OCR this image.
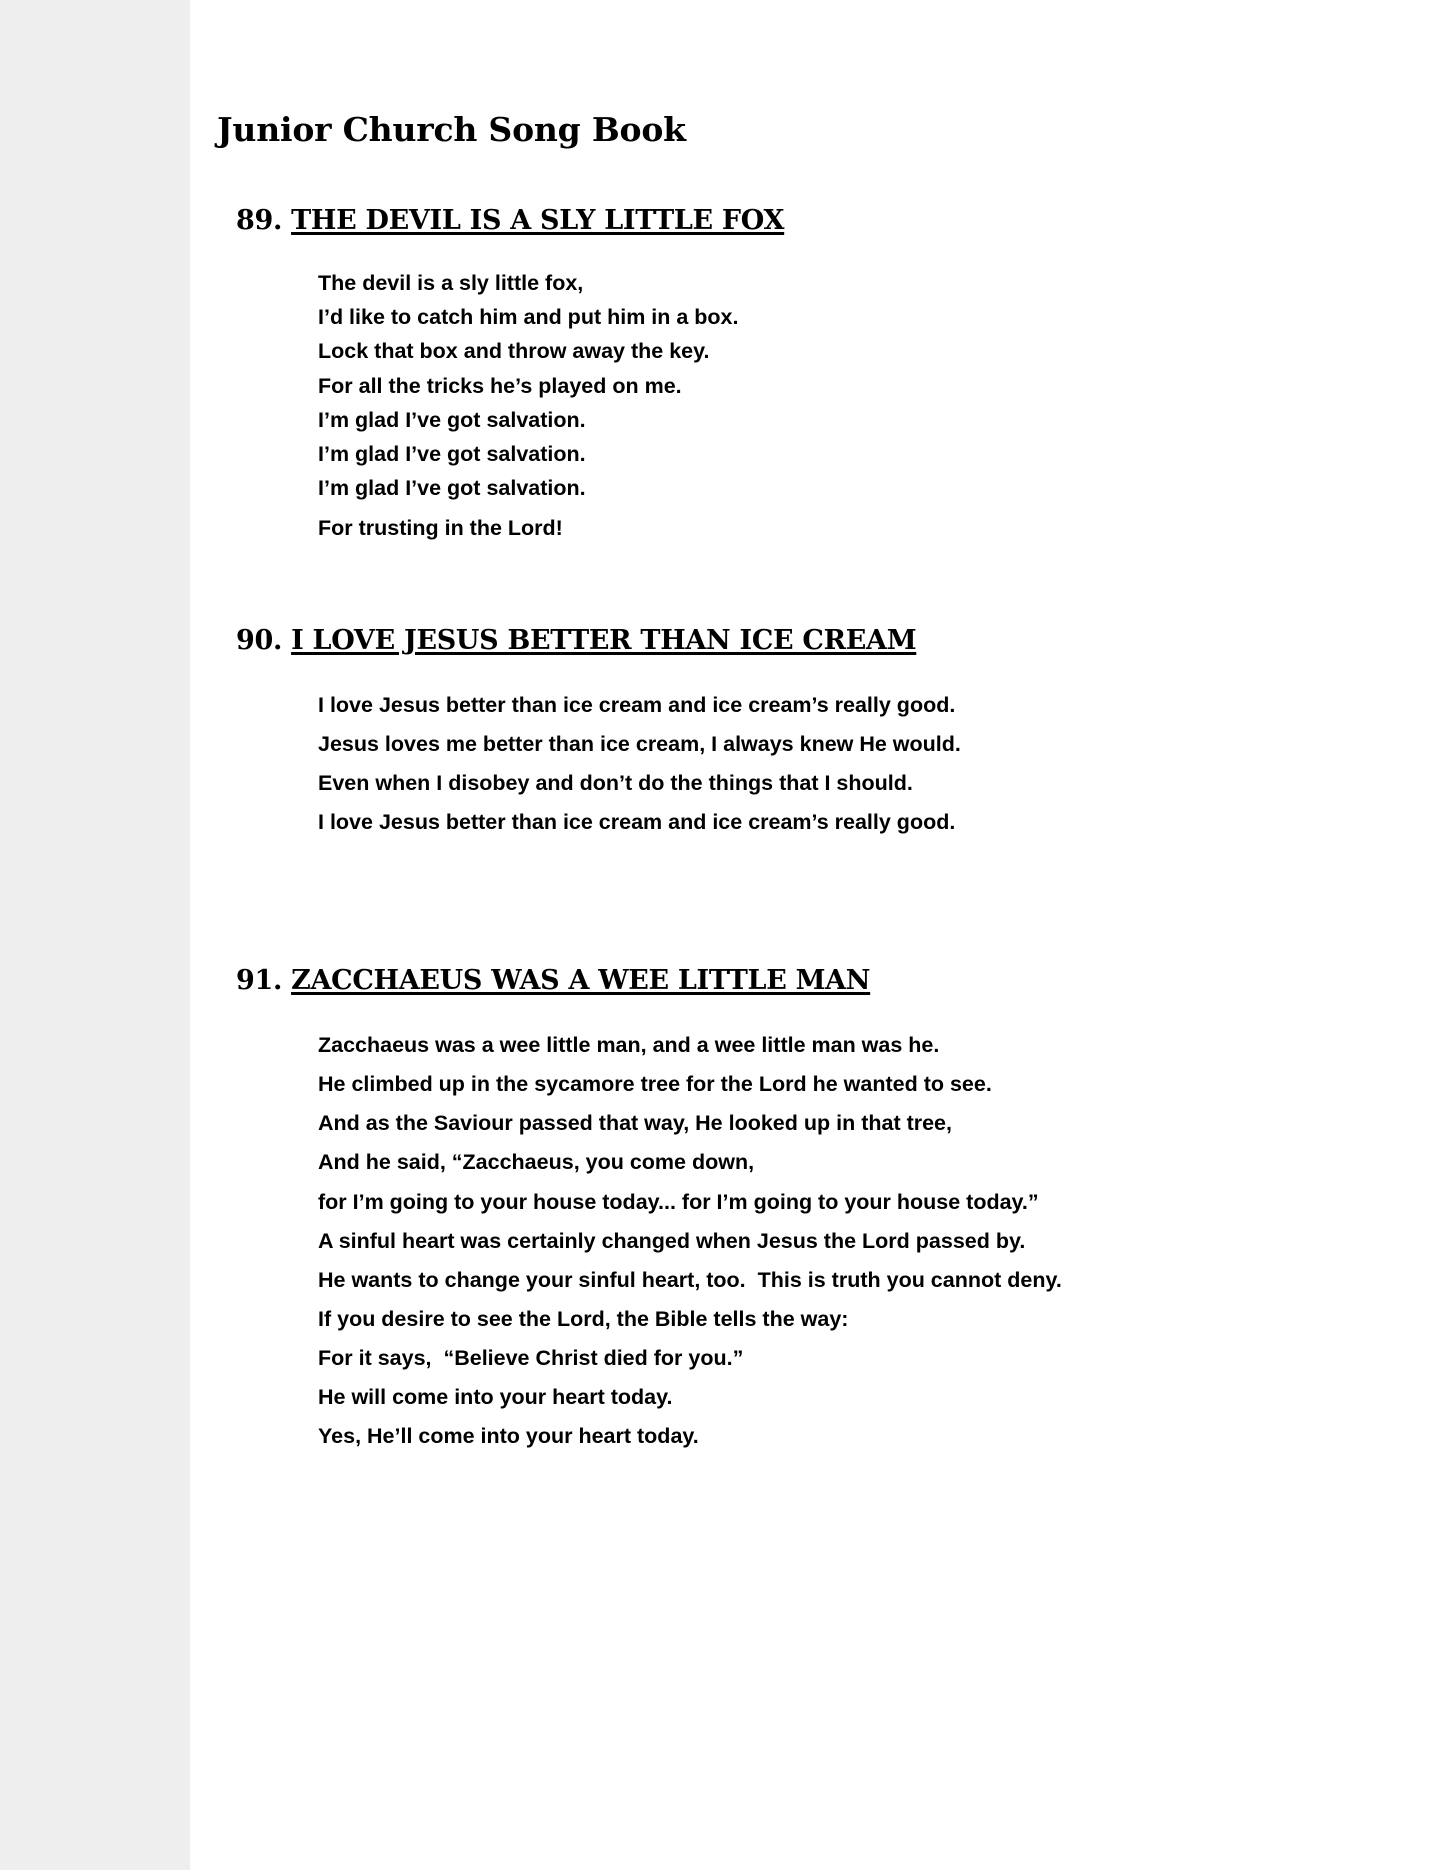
Junior Church Song Book
89. THE DEVIL IS A SLY LITTLE FOX
The devil is a sly little fox,
I’d like to catch him and put him in a box.
Lock that box and throw away the key.
For all the tricks he’s played on me.
I’m glad I’ve got salvation.
I’m glad I’ve got salvation.
I’m glad I’ve got salvation.
For trusting in the Lord!
90. I LOVE JESUS BETTER THAN ICE CREAM
I love Jesus better than ice cream and ice cream’s really good.
Jesus loves me better than ice cream, I always knew He would.
Even when I disobey and don’t do the things that I should.
I love Jesus better than ice cream and ice cream’s really good.
91. ZACCHAEUS WAS A WEE LITTLE MAN
Zacchaeus was a wee little man, and a wee little man was he.
He climbed up in the sycamore tree for the Lord he wanted to see.
And as the Saviour passed that way, He looked up in that tree,
And he said, “Zacchaeus, you come down,
for I’m going to your house today... for I’m going to your house today.”
A sinful heart was certainly changed when Jesus the Lord passed by.
He wants to change your sinful heart, too.  This is truth you cannot deny.
If you desire to see the Lord, the Bible tells the way:
For it says,  “Believe Christ died for you.”
He will come into your heart today.
Yes, He’ll come into your heart today.
